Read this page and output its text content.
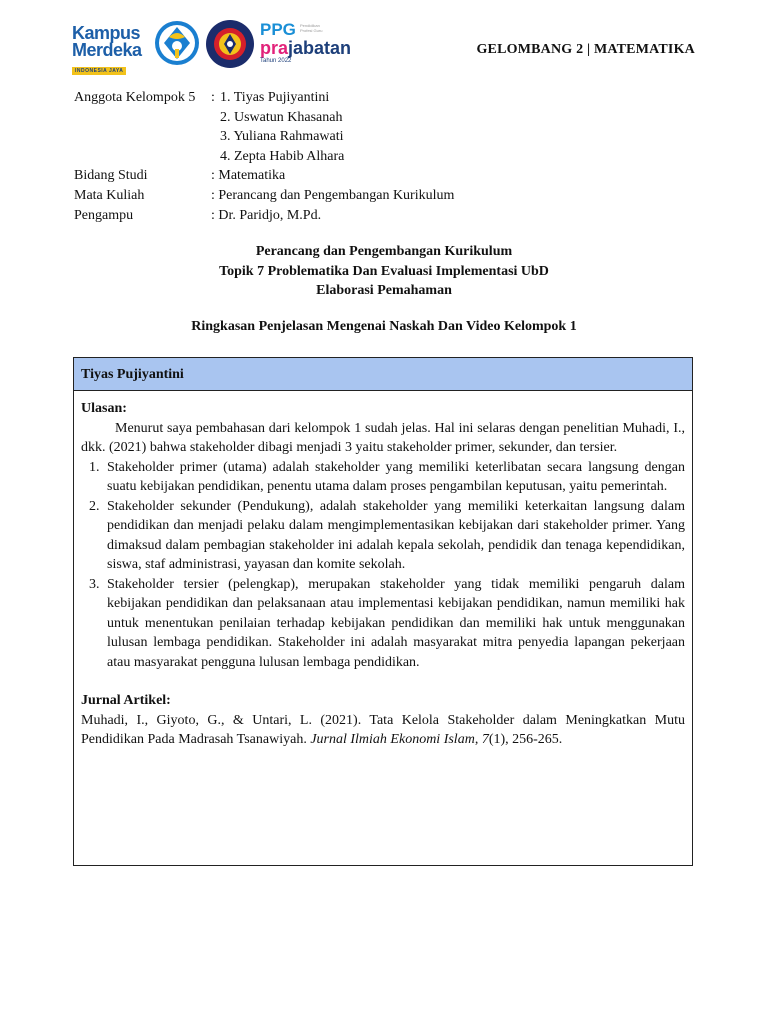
Kampus
Merdeka
INDONESIA JAYA
PPG	Pendidikan Profesi Guru
prajabatan
Tahun 2022
GELOMBANG 2 | MATEMATIKA
Anggota Kelompok 5 : 1. Tiyas Pujiyantini
2. Uswatun Khasanah
3. Yuliana Rahmawati
4. Zepta Habib Alhara
Bidang Studi	: Matematika
Mata Kuliah	: Perancang dan Pengembangan Kurikulum
Pengampu	: Dr. Paridjo, M.Pd.
Perancang dan Pengembangan Kurikulum
Topik 7 Problematika Dan Evaluasi Implementasi UbD
Elaborasi Pemahaman
Ringkasan Penjelasan Mengenai Naskah Dan Video Kelompok 1
Tiyas Pujiyantini
Ulasan:
Menurut saya pembahasan dari kelompok 1 sudah jelas. Hal ini selaras dengan penelitian Muhadi, I., dkk. (2021) bahwa stakeholder dibagi menjadi 3 yaitu stakeholder primer, sekunder, dan tersier.
1. Stakeholder primer (utama) adalah stakeholder yang memiliki keterlibatan secara langsung dengan suatu kebijakan pendidikan, penentu utama dalam proses pengambilan keputusan, yaitu pemerintah.
2. Stakeholder sekunder (Pendukung), adalah stakeholder yang memiliki keterkaitan langsung dalam pendidikan dan menjadi pelaku dalam mengimplementasikan kebijakan dari stakeholder primer. Yang dimaksud dalam pembagian stakeholder ini adalah kepala sekolah, pendidik dan tenaga kependidikan, siswa, staf administrasi, yayasan dan komite sekolah.
3. Stakeholder tersier (pelengkap), merupakan stakeholder yang tidak memiliki pengaruh dalam kebijakan pendidikan dan pelaksanaan atau implementasi kebijakan pendidikan, namun memiliki hak untuk menentukan penilaian terhadap kebijakan pendidikan dan memiliki hak untuk menggunakan lulusan lembaga pendidikan. Stakeholder ini adalah masyarakat mitra penyedia lapangan pekerjaan atau masyarakat pengguna lulusan lembaga pendidikan.
Jurnal Artikel:
Muhadi, I., Giyoto, G., & Untari, L. (2021). Tata Kelola Stakeholder dalam Meningkatkan Mutu Pendidikan Pada Madrasah Tsanawiyah. Jurnal Ilmiah Ekonomi Islam, 7(1), 256-265.
